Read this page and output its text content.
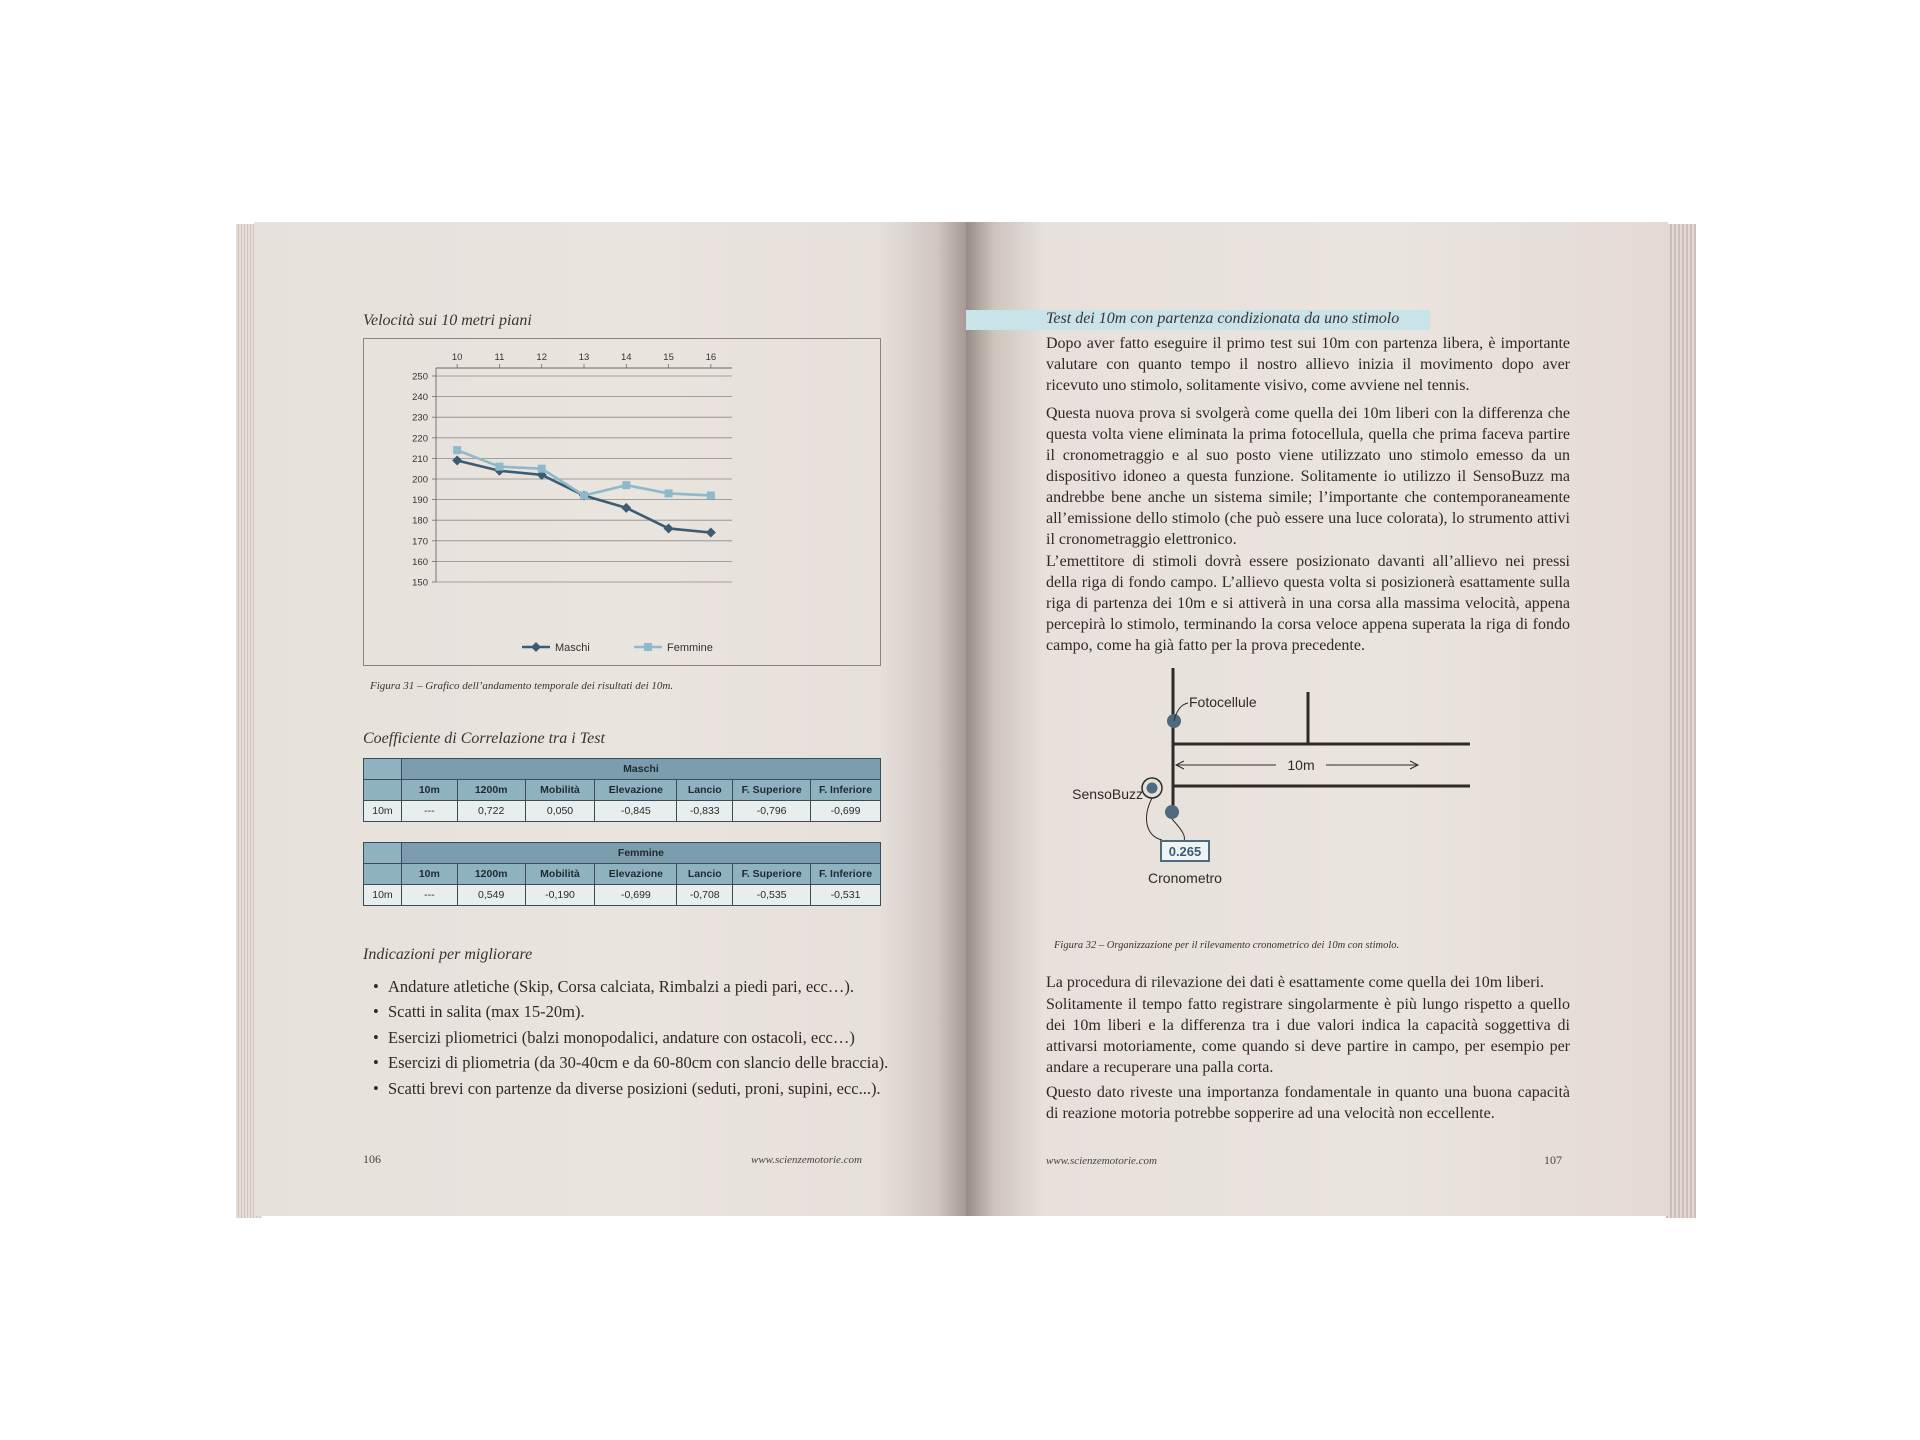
Velocità sui 10 metri piani
150
160
170
180
190
200
210
220
230
240
250
10	11	12	13	14	15	16
Maschi	Femmine
Figura 31 – Grafico dell’andamento temporale dei risultati dei 10m.
Coefficiente di Correlazione tra i Test
	Maschi						
	10m	1200m	Mobilità	Elevazione	Lancio	F. Superiore	F. Inferiore
10m	---	0,722	0,050	-0,845	-0,833	-0,796	-0,699
	Femmine						
	10m	1200m	Mobilità	Elevazione	Lancio	F. Superiore	F. Inferiore
10m	---	0,549	-0,190	-0,699	-0,708	-0,535	-0,531
Indicazioni per migliorare
• Andature atletiche (Skip, Corsa calciata, Rimbalzi a piedi pari, ecc…).
• Scatti in salita (max 15-20m).
• Esercizi pliometrici (balzi monopodalici, andature con ostacoli, ecc…)
• Esercizi di pliometria (da 30-40cm e da 60-80cm con slancio delle braccia).
• Scatti brevi con partenze da diverse posizioni (seduti, proni, supini, ecc...).
106	www.scienzemotorie.com
Test dei 10m con partenza condizionata da uno stimolo

Dopo aver fatto eseguire il primo test sui 10m con partenza libera, è importante valutare con quanto tempo il nostro allievo inizia il movimento dopo aver ricevuto uno stimolo, solitamente visivo, come avviene nel tennis.

Questa nuova prova si svolgerà come quella dei 10m liberi con la differenza che questa volta viene eliminata la prima fotocellula, quella che prima faceva partire il cronometraggio e al suo posto viene utilizzato uno stimolo emesso da un dispositivo idoneo a questa funzione. Solitamente io utilizzo il SensoBuzz ma andrebbe bene anche un sistema simile; l’importante che contemporaneamente all’emissione dello stimolo (che può essere una luce colorata), lo strumento attivi il cronometraggio elettronico.

L’emettitore di stimoli dovrà essere posizionato davanti all’allievo nei pressi della riga di fondo campo. L’allievo questa volta si posizionerà esattamente sulla riga di partenza dei 10m e si attiverà in una corsa alla massima velocità, appena percepirà lo stimolo, terminando la corsa veloce appena superata la riga di fondo campo, come ha già fatto per la prova precedente.

10m
Fotocellule
SensoBuzz
0.265
Cronometro
Figura 32 – Organizzazione per il rilevamento cronometrico dei 10m con stimolo.

La procedura di rilevazione dei dati è esattamente come quella dei 10m liberi.

Solitamente il tempo fatto registrare singolarmente è più lungo rispetto a quello dei 10m liberi e la differenza tra i due valori indica la capacità soggettiva di attivarsi motoriamente, come quando si deve partire in campo, per esempio per andare a recuperare una palla corta.

Questo dato riveste una importanza fondamentale in quanto una buona capacità di reazione motoria potrebbe sopperire ad una velocità non eccellente.

www.scienzemotorie.com	107
